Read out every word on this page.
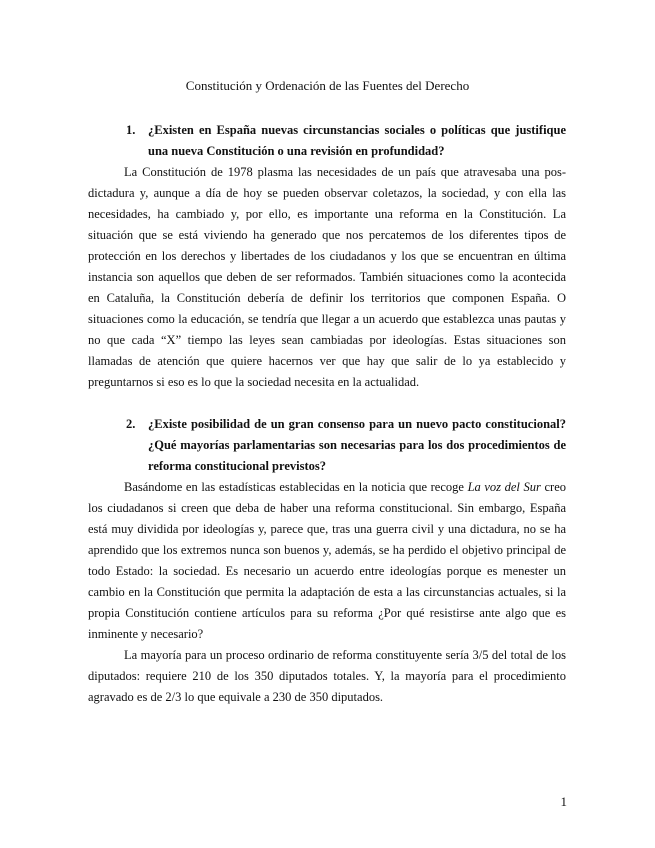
Constitución y Ordenación de las Fuentes del Derecho
1.	¿Existen en España nuevas circunstancias sociales o políticas que justifique una nueva Constitución o una revisión en profundidad?

La Constitución de 1978 plasma las necesidades de un país que atravesaba una pos-dictadura y, aunque a día de hoy se pueden observar coletazos, la sociedad, y con ella las necesidades, ha cambiado y, por ello, es importante una reforma en la Constitución. La situación que se está viviendo ha generado que nos percatemos de los diferentes tipos de protección en los derechos y libertades de los ciudadanos y los que se encuentran en última instancia son aquellos que deben de ser reformados. También situaciones como la acontecida en Cataluña, la Constitución debería de definir los territorios que componen España. O situaciones como la educación, se tendría que llegar a un acuerdo que establezca unas pautas y no que cada “X” tiempo las leyes sean cambiadas por ideologías. Estas situaciones son llamadas de atención que quiere hacernos ver que hay que salir de lo ya establecido y preguntarnos si eso es lo que la sociedad necesita en la actualidad.

2.	¿Existe posibilidad de un gran consenso para un nuevo pacto constitucional? ¿Qué mayorías parlamentarias son necesarias para los dos procedimientos de reforma constitucional previstos?

Basándome en las estadísticas establecidas en la noticia que recoge La voz del Sur creo los ciudadanos si creen que deba de haber una reforma constitucional. Sin embargo, España está muy dividida por ideologías y, parece que, tras una guerra civil y una dictadura, no se ha aprendido que los extremos nunca son buenos y, además, se ha perdido el objetivo principal de todo Estado: la sociedad. Es necesario un acuerdo entre ideologías porque es menester un cambio en la Constitución que permita la adaptación de esta a las circunstancias actuales, si la propia Constitución contiene artículos para su reforma ¿Por qué resistirse ante algo que es inminente y necesario?

La mayoría para un proceso ordinario de reforma constituyente sería 3/5 del total de los diputados: requiere 210 de los 350 diputados totales. Y, la mayoría para el procedimiento agravado es de 2/3 lo que equivale a 230 de 350 diputados.

1
